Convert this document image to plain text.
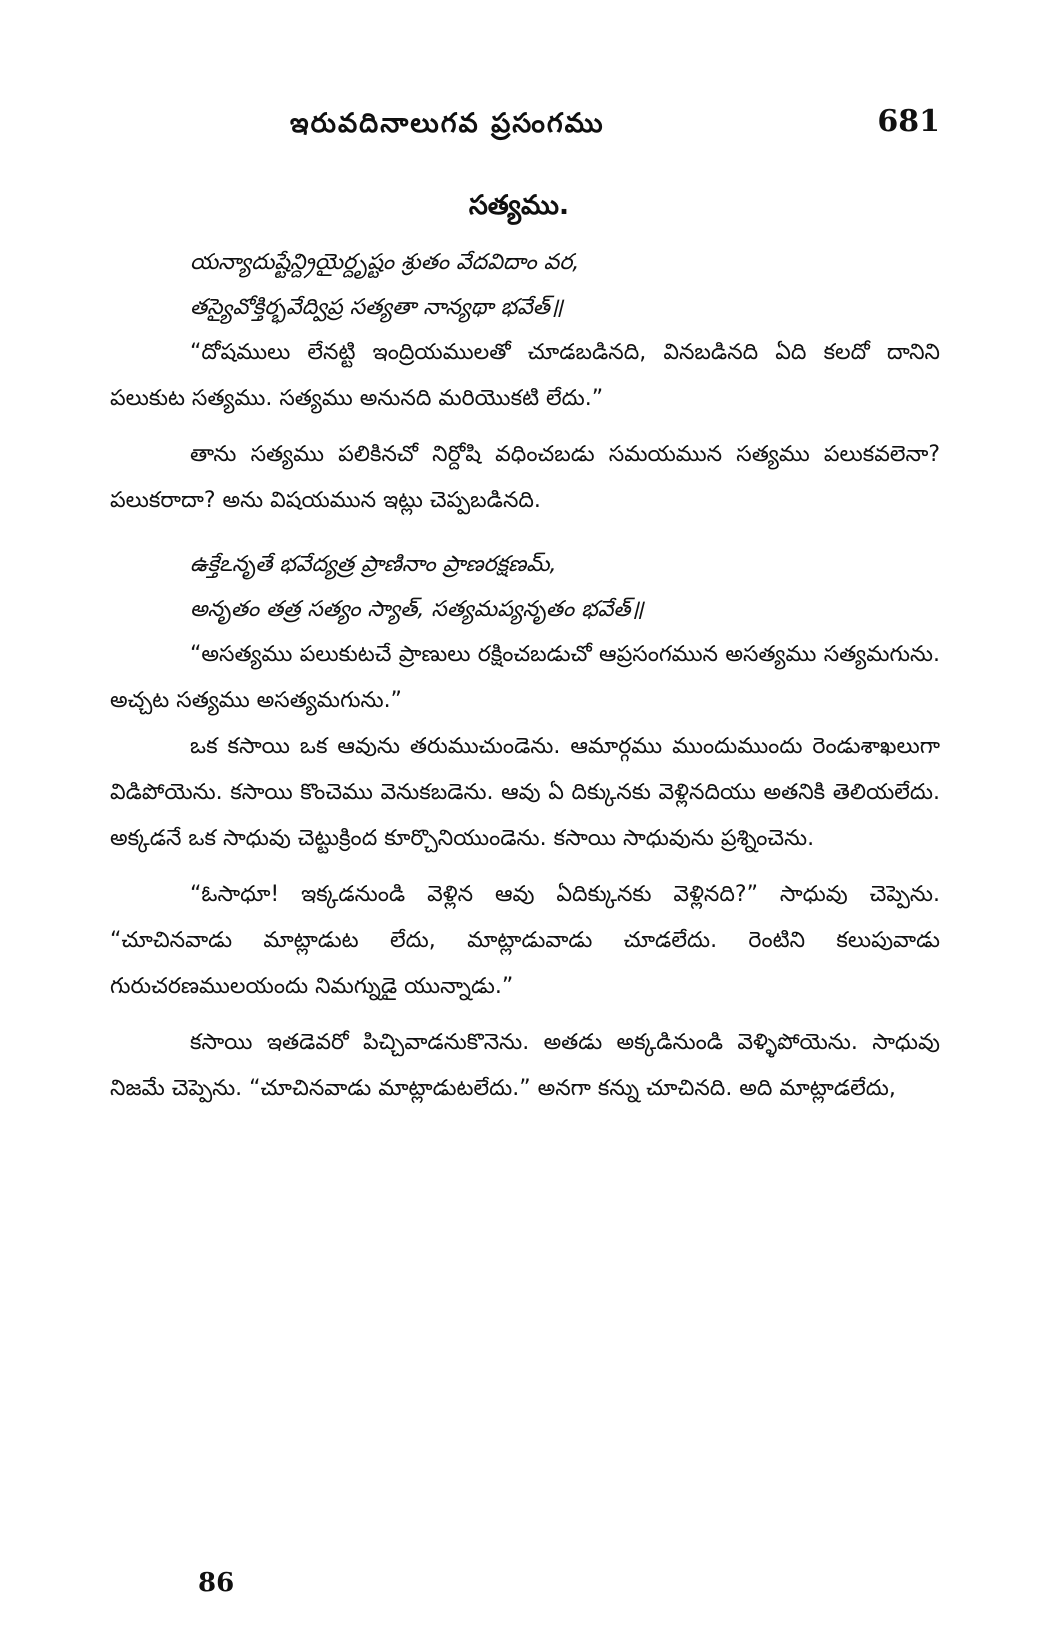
ఇరువదినాలుగవ ప్రసంగము	681
సత్యము.
యన్యాదుష్టేన్ద్రియైర్దృష్టం శ్రుతం వేదవిదాం వర,
తస్యైవోక్తిర్భవేద్విప్ర సత్యతా నాన్యథా భవేత్॥

“దోషములు లేనట్టి ఇంద్రియములతో చూడబడినది, వినబడినది ఏది కలదో దానిని పలుకుట సత్యము. సత్యము అనునది మరియొకటి లేదు.”

తాను సత్యము పలికినచో నిర్దోషి వధించబడు సమయమున సత్యము పలుకవలెనా? పలుకరాదా? అను విషయమున ఇట్లు చెప్పబడినది.

ఉక్తేఽనృతే భవేద్యత్ర ప్రాణినాం ప్రాణరక్షణమ్,
అనృతం తత్ర సత్యం స్యాత్, సత్యమప్యనృతం భవేత్॥

“అసత్యము పలుకుటచే ప్రాణులు రక్షించబడుచో ఆప్రసంగమున అసత్యము సత్యమగును. అచ్చట సత్యము అసత్యమగును.”

ఒక కసాయి ఒక ఆవును తరుముచుండెను. ఆమార్గము ముందుముందు రెండుశాఖలుగా విడిపోయెను. కసాయి కొంచెము వెనుకబడెను. ఆవు ఏ దిక్కునకు వెళ్లినదియు అతనికి తెలియలేదు. అక్కడనే ఒక సాధువు చెట్టుక్రింద కూర్చొనియుండెను. కసాయి సాధువును ప్రశ్నించెను.

“ఓసాధూ! ఇక్కడనుండి వెళ్లిన ఆవు ఏదిక్కునకు వెళ్లినది?” సాధువు చెప్పెను. “చూచినవాడు మాట్లాడుట లేదు, మాట్లాడువాడు చూడలేదు. రెంటిని కలుపువాడు గురుచరణములయందు నిమగ్నుడై యున్నాడు.”

కసాయి ఇతడెవరో పిచ్చివాడనుకొనెను. అతడు అక్కడినుండి వెళ్ళిపోయెను. సాధువు నిజమే చెప్పెను. “చూచినవాడు మాట్లాడుటలేదు.” అనగా కన్ను చూచినది. అది మాట్లాడలేదు,

86
